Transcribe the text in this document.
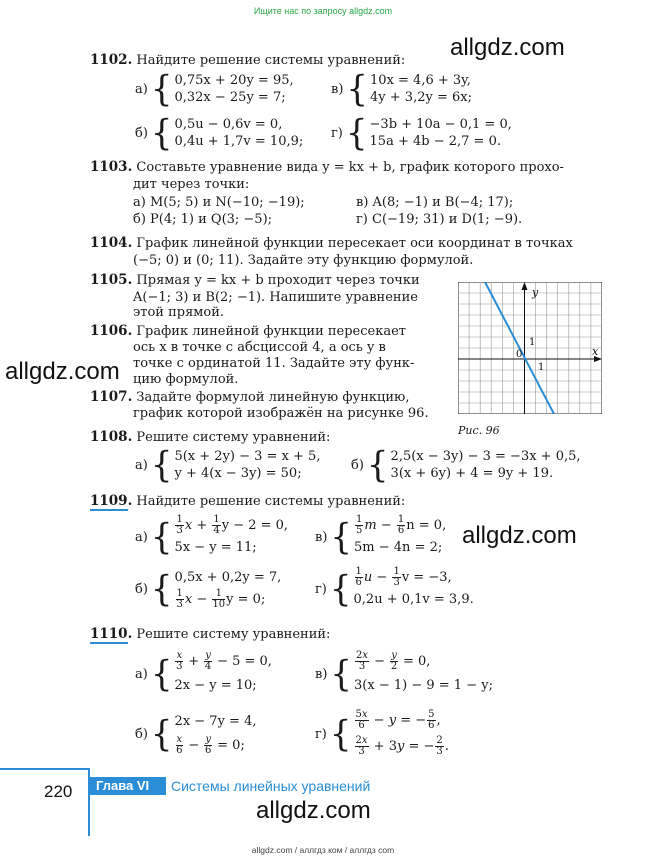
Ищите нас по запросу allgdz.com
allgdz.com
allgdz.com
allgdz.com
allgdz.com
1102. Найдите решение системы уравнений:
а) { 0,75x + 20y = 95,
0,32x − 25y = 7;
в) { 10x = 4,6 + 3y,
4y + 3,2y = 6x;
б) { 0,5u − 0,6v = 0,
0,4u + 1,7v = 10,9;
г) { −3b + 10a − 0,1 = 0,
15a + 4b − 2,7 = 0.
1103. Составьте уравнение вида y = kx + b, график которого прохо-
дит через точки:
а) M(5; 5) и N(−10; −19);	в) A(8; −1) и B(−4; 17);
б) P(4; 1) и Q(3; −5);	г) C(−19; 31) и D(1; −9).
1104. График линейной функции пересекает оси координат в точках
(−5; 0) и (0; 11). Задайте эту функцию формулой.
1105. Прямая y = kx + b проходит через точки
A(−1; 3) и B(2; −1). Напишите уравнение
этой прямой.
1106. График линейной функции пересекает
ось x в точке с абсциссой 4, а ось y в
точке с ординатой 11. Задайте эту функ-
цию формулой.
1107. Задайте формулой линейную функцию,
график которой изображён на рисунке 96.
y
x
0
1
1
Рис. 96
1108. Решите систему уравнений:
а) { 5(x + 2y) − 3 = x + 5,
y + 4(x − 3y) = 50;
б) { 2,5(x − 3y) − 3 = −3x + 0,5,
3(x + 6y) + 4 = 9y + 19.
1109. Найдите решение системы уравнений:
а) { $\frac{1}{3}$ $x + \frac{1}{4}$ y − 2 = 0,
5x − y = 11;
в) { $\frac{1}{5}$ $m - \frac{1}{6}$ n = 0,
5m − 4n = 2;
б) { 0,5x + 0,2y = 7,
$\frac{1}{3}$ $x - \frac{1}{10}$ y = 0;
г) { $\frac{1}{6}$ $u - \frac{1}{3}$ v = −3,
0,2u + 0,1v = 3,9.
1110. Решите систему уравнений:
а) { $\frac{x}{3} + \frac{y}{4} - 5 = 0$,
2x − y = 10;
в) { $\frac{2x}{3} - \frac{y}{2} = 0$,
3(x − 1) − 9 = 1 − y;
б) { 2x − 7y = 4,
$\frac{x}{6} - \frac{y}{6} = 0$;
г) { $\frac{5x}{6} - y$ = − $\frac{5}{6}$ ,
$\frac{2x}{3} + 3y$ = − $\frac{2}{3}$ .
220	Глава VI	Системы линейных уравнений
allgdz.com / аллгдз ком / аллгдз com
